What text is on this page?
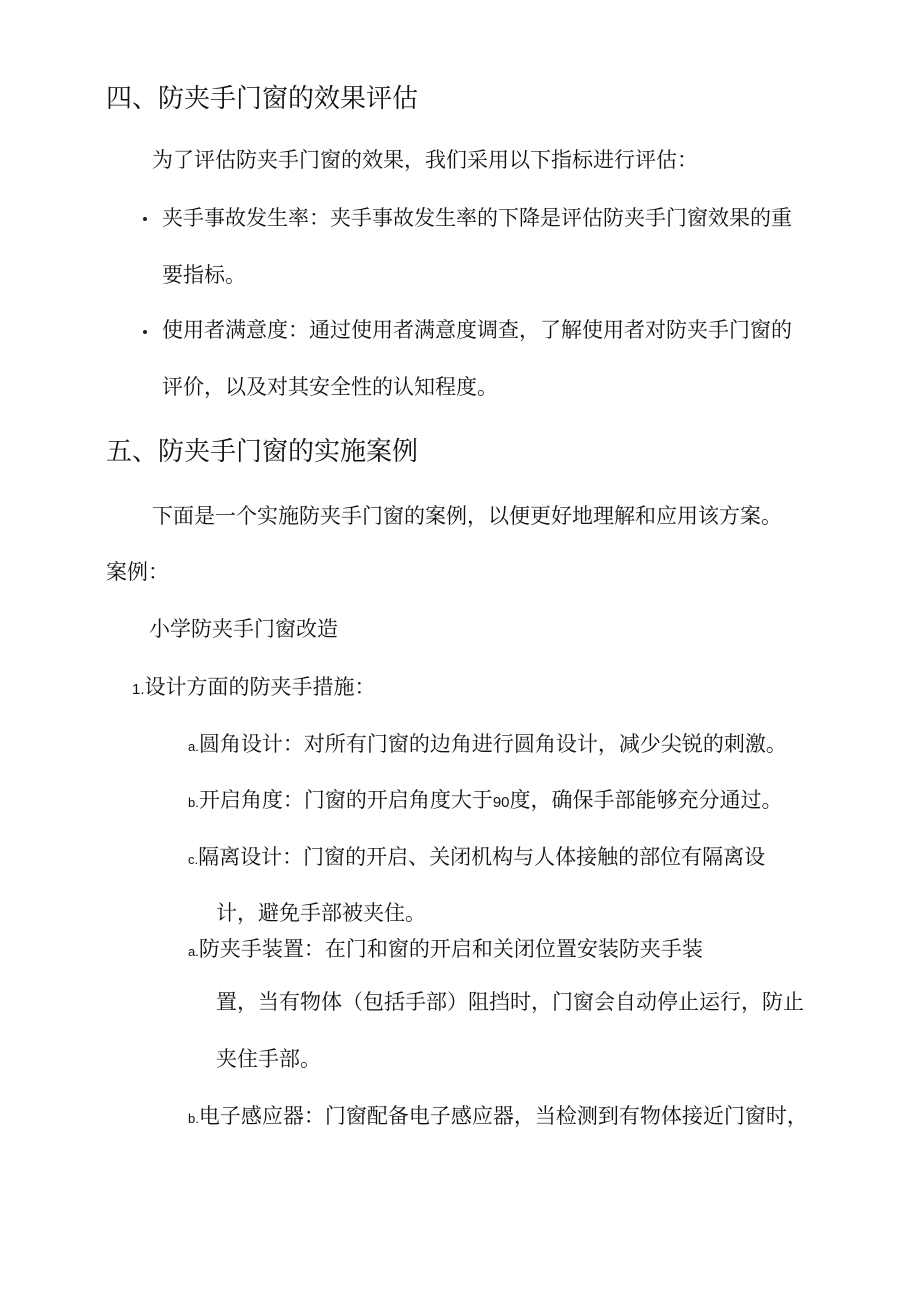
四、防夹手门窗的效果评估
为了评估防夹手门窗的效果，我们采用以下指标进行评估：
夹手事故发生率：夹手事故发生率的下降是评估防夹手门窗效果的重
要指标。
使用者满意度：通过使用者满意度调查，了解使用者对防夹手门窗的
评价，以及对其安全性的认知程度。
五、防夹手门窗的实施案例
下面是一个实施防夹手门窗的案例，以便更好地理解和应用该方案。
案例：
小学防夹手门窗改造
1.设计方面的防夹手措施：
a.圆角设计：对所有门窗的边角进行圆角设计，减少尖锐的刺激。
b.开启角度：门窗的开启角度大于90度，确保手部能够充分通过。
c.隔离设计：门窗的开启、关闭机构与人体接触的部位有隔离设
计，避免手部被夹住。
a.防夹手装置：在门和窗的开启和关闭位置安装防夹手装
置，当有物体（包括手部）阻挡时，门窗会自动停止运行，防止
夹住手部。
b.电子感应器：门窗配备电子感应器，当检测到有物体接近门窗时，
